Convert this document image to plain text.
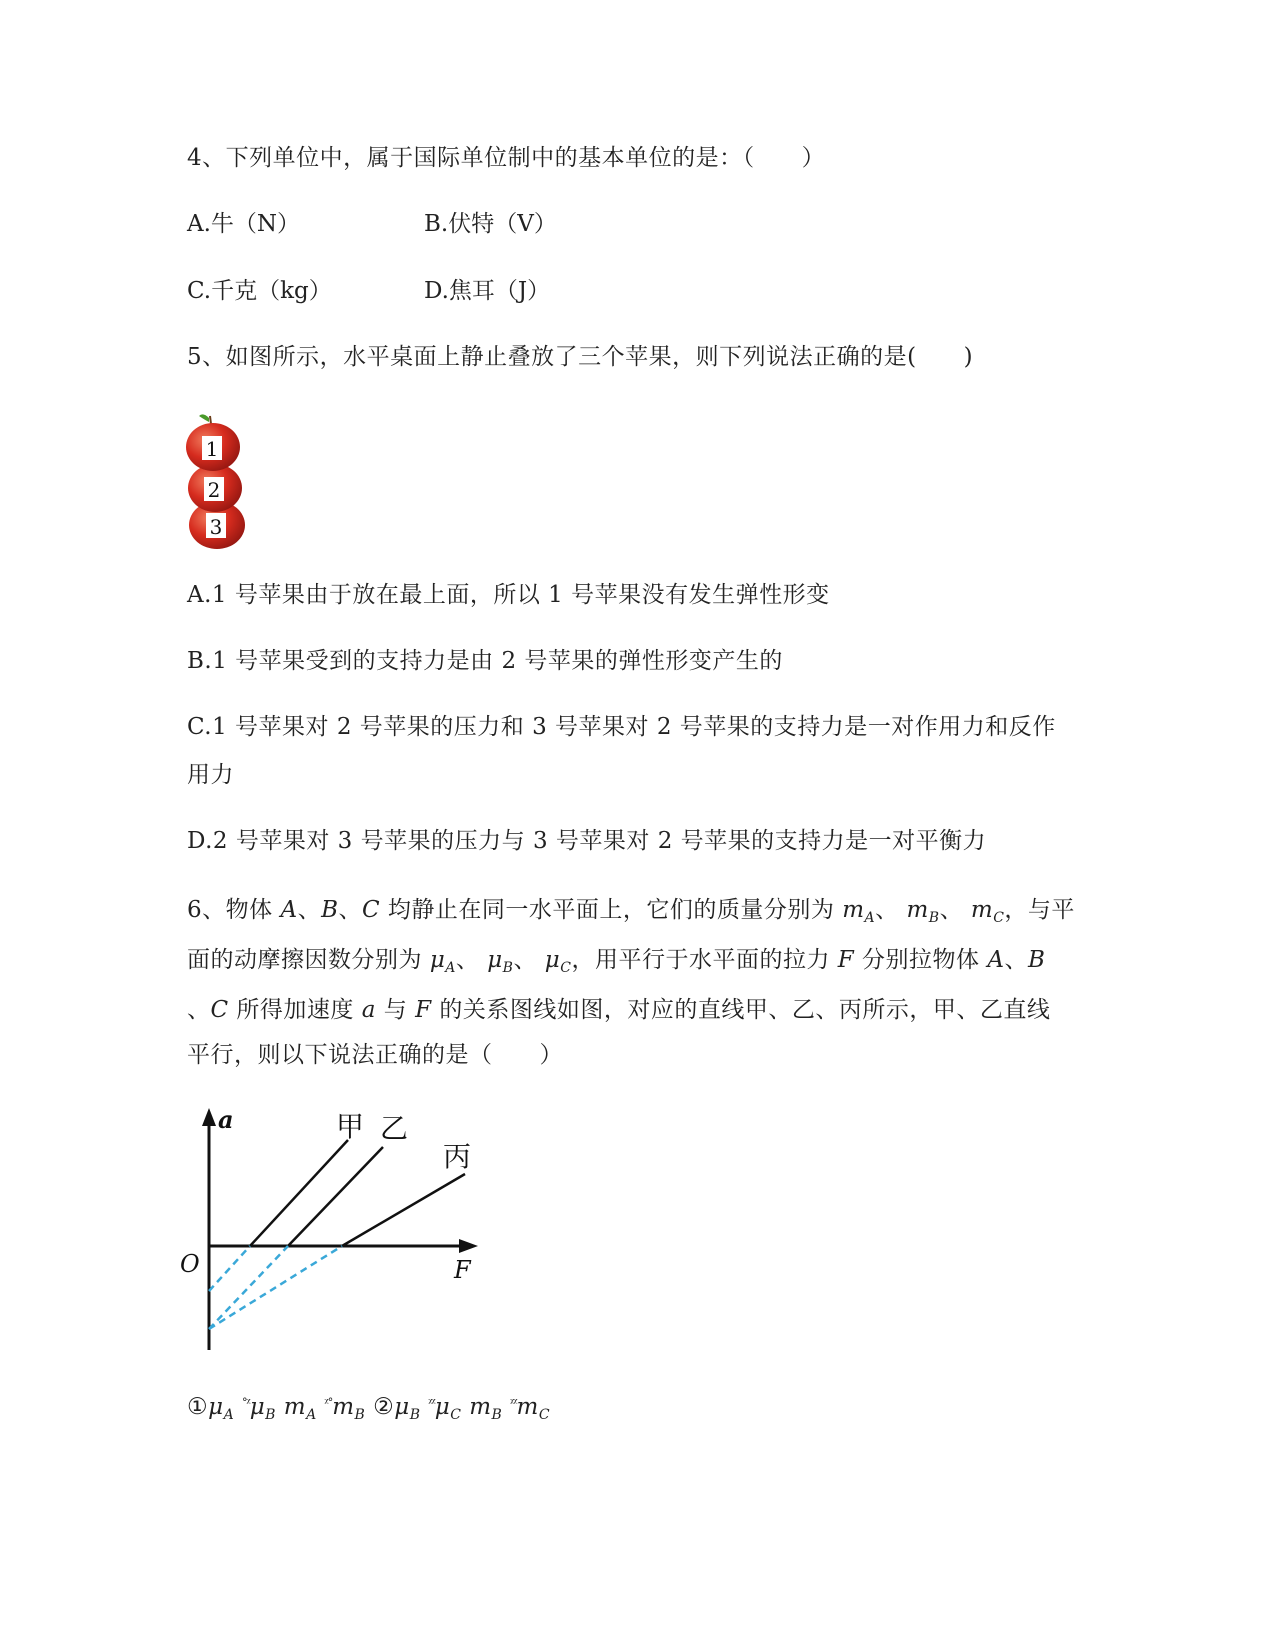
4、下列单位中，属于国际单位制中的基本单位的是：（　　）
A.牛（N）	B.伏特（V）
C.千克（kg）	D.焦耳（J）
5、如图所示，水平桌面上静止叠放了三个苹果，则下列说法正确的是(　　)
3
2
1
A.1 号苹果由于放在最上面，所以 1 号苹果没有发生弹性形变
B.1 号苹果受到的支持力是由 2 号苹果的弹性形变产生的
C.1 号苹果对 2 号苹果的压力和 3 号苹果对 2 号苹果的支持力是一对作用力和反作
用力
D.2 号苹果对 3 号苹果的压力与 3 号苹果对 2 号苹果的支持力是一对平衡力
6、物体 A、B、C 均静止在同一水平面上，它们的质量分别为 $m_A$、 $m_B$、 $m_C$，与平
面的动摩擦因数分别为 $\mu_A$、 $\mu_B$、 $\mu_C$，用平行于水平面的拉力 F 分别拉物体 A、B
、C 所得加速度 a 与 F 的关系图线如图，对应的直线甲、乙、丙所示，甲、乙直线
平行，则以下说法正确的是（　　）
a
F
O
甲 乙
丙
$①\mu_A$ $^{^\circ ᵡ}\mu_B$ $m_A$ $^{ᵡ^\circ}m_B$ $②\mu_B$ $^{ᵡᵡ}\mu_C$ $m_B$ $^{ᵡᵡ}m_C$
